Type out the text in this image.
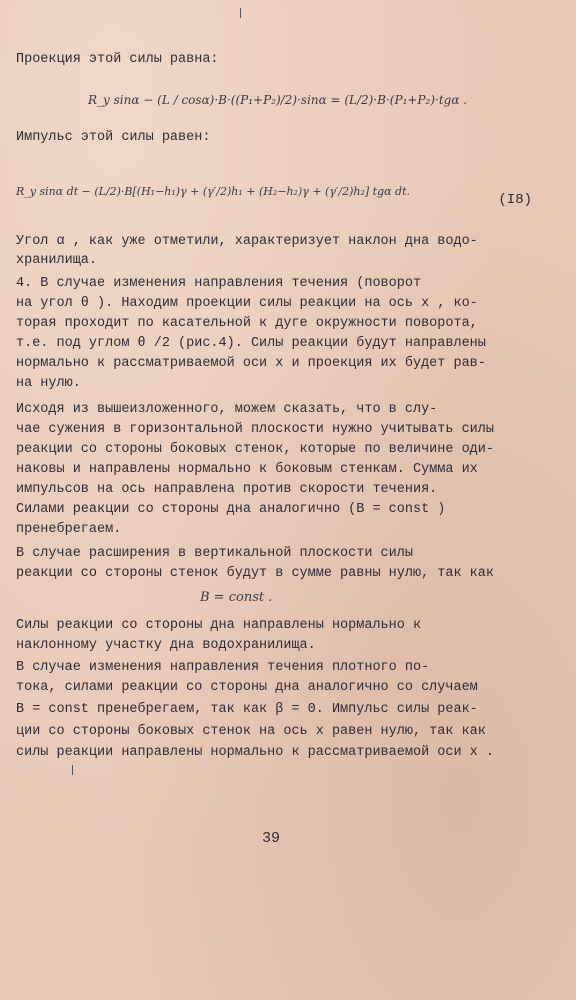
Проекция этой силы равна:
R_y sinα − (L / cosα)·B·((P₁+P₂)/2)·sinα = (L/2)·B·(P₁+P₂)·tgα .
Импульс этой силы равен:
R_y sinα dt − (L/2)·B[(H₁−h₁)γ + (γ′/2)h₁ + (H₂−h₂)γ + (γ′/2)h₂] tgα dt.
(I8)
Угол α , как уже отметили, характеризует наклон дна водо-
хранилища.
4. В случае изменения направления течения (поворот
на угол θ ). Находим проекции силы реакции на ось x , ко-
торая проходит по касательной к дуге окружности поворота,
т.е. под углом θ /2 (рис.4). Силы реакции будут направлены
нормально к рассматриваемой оси x и проекция их будет рав-
на нулю.
Исходя из вышеизложенного, можем сказать, что в слу-
чае сужения в горизонтальной плоскости нужно учитывать силы
реакции со стороны боковых стенок, которые по величине оди-
наковы и направлены нормально к боковым стенкам. Сумма их
импульсов на ось направлена против скорости течения.
Силами реакции со стороны дна аналогично (B = const )
пренебрегаем.
В случае расширения в вертикальной плоскости силы
реакции со стороны стенок будут в сумме равны нулю, так как
B = const .
Силы реакции со стороны дна направлены нормально к
наклонному участку дна водохранилища.
В случае изменения направления течения плотного по-
тока, силами реакции со стороны дна аналогично со случаем
B = const пренебрегаем, так как β = 0. Импульс силы реак-
ции со стороны боковых стенок на ось x равен нулю, так как
силы реакции направлены нормально к рассматриваемой оси x .
39
